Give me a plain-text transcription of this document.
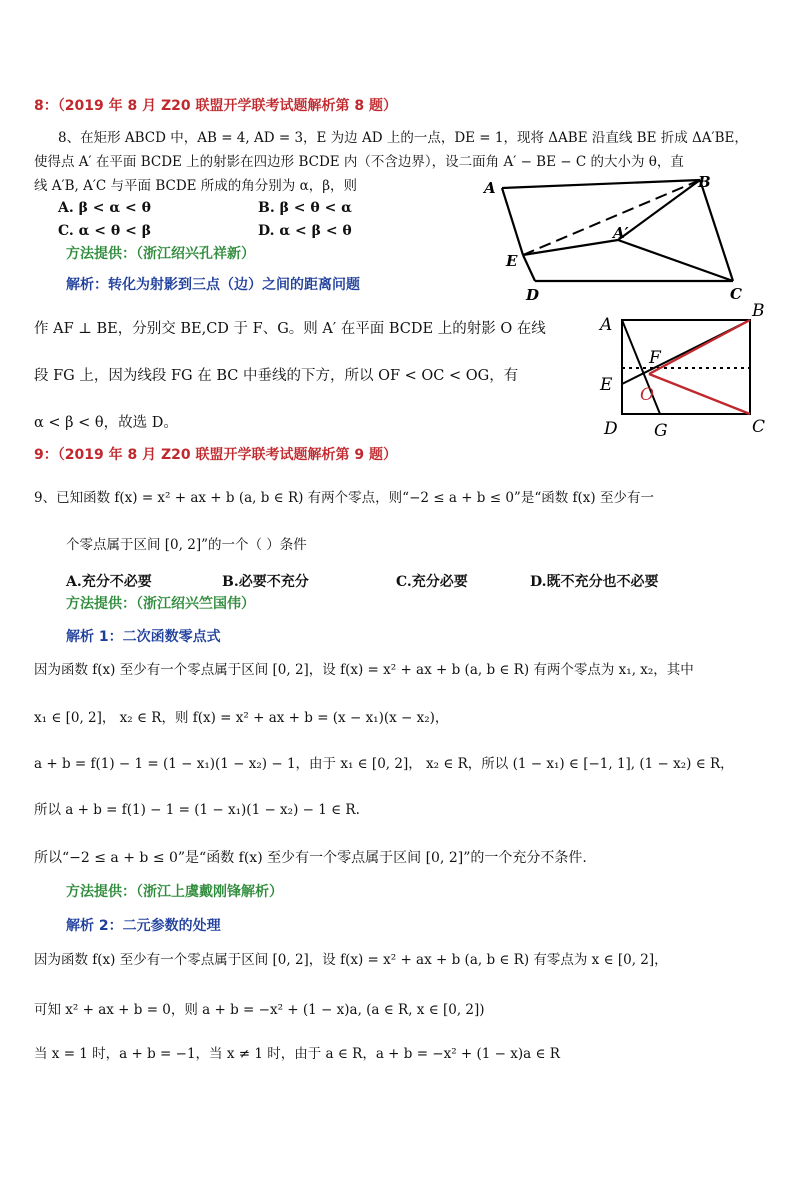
8：（2019 年 8 月 Z20 联盟开学联考试题解析第 8 题）
8、在矩形 ABCD 中，AB = 4, AD = 3，E 为边 AD 上的一点，DE = 1，现将 ΔABE 沿直线 BE 折成 ΔA′BE，
使得点 A′ 在平面 BCDE 上的射影在四边形 BCDE 内（不含边界），设二面角 A′ − BE − C 的大小为 θ，直
线 A′B, A′C 与平面 BCDE 所成的角分别为 α，β，则
A. β < α < θ	B. β < θ < α
C. α < θ < β	D. α < β < θ
方法提供：（浙江绍兴孔祥新）
解析：转化为射影到三点（边）之间的距离问题
A	B
E
A′
D	C
作 AF ⊥ BE，分别交 BE,CD 于 F、G。则 A′ 在平面 BCDE 上的射影 O 在线
段 FG 上，因为线段 FG 在 BC 中垂线的下方，所以 OF < OC < OG，有
α < β < θ，故选 D。
A
B
F
E O
D G	C
9：（2019 年 8 月 Z20 联盟开学联考试题解析第 9 题）
9、已知函数 f(x) = x² + ax + b (a, b ∈ R) 有两个零点，则“−2 ≤ a + b ≤ 0”是“函数 f(x) 至少有一
个零点属于区间 [0, 2]”的一个（ ）条件
A.充分不必要	B.必要不充分	C.充分必要	D.既不充分也不必要
方法提供：（浙江绍兴竺国伟）
解析 1：二次函数零点式
因为函数 f(x) 至少有一个零点属于区间 [0, 2]，设 f(x) = x² + ax + b (a, b ∈ R) 有两个零点为 x₁, x₂，其中
x₁ ∈ [0, 2]， x₂ ∈ R，则 f(x) = x² + ax + b = (x − x₁)(x − x₂)，
a + b = f(1) − 1 = (1 − x₁)(1 − x₂) − 1，由于 x₁ ∈ [0, 2]， x₂ ∈ R，所以 (1 − x₁) ∈ [−1, 1], (1 − x₂) ∈ R，
所以 a + b = f(1) − 1 = (1 − x₁)(1 − x₂) − 1 ∈ R.
所以“−2 ≤ a + b ≤ 0”是“函数 f(x) 至少有一个零点属于区间 [0, 2]”的一个充分不条件.
方法提供：（浙江上虞戴刚锋解析）
解析 2：二元参数的处理
因为函数 f(x) 至少有一个零点属于区间 [0, 2]，设 f(x) = x² + ax + b (a, b ∈ R) 有零点为 x ∈ [0, 2]，
可知 x² + ax + b = 0，则 a + b = −x² + (1 − x)a, (a ∈ R, x ∈ [0, 2])
当 x = 1 时，a + b = −1，当 x ≠ 1 时，由于 a ∈ R，a + b = −x² + (1 − x)a ∈ R
